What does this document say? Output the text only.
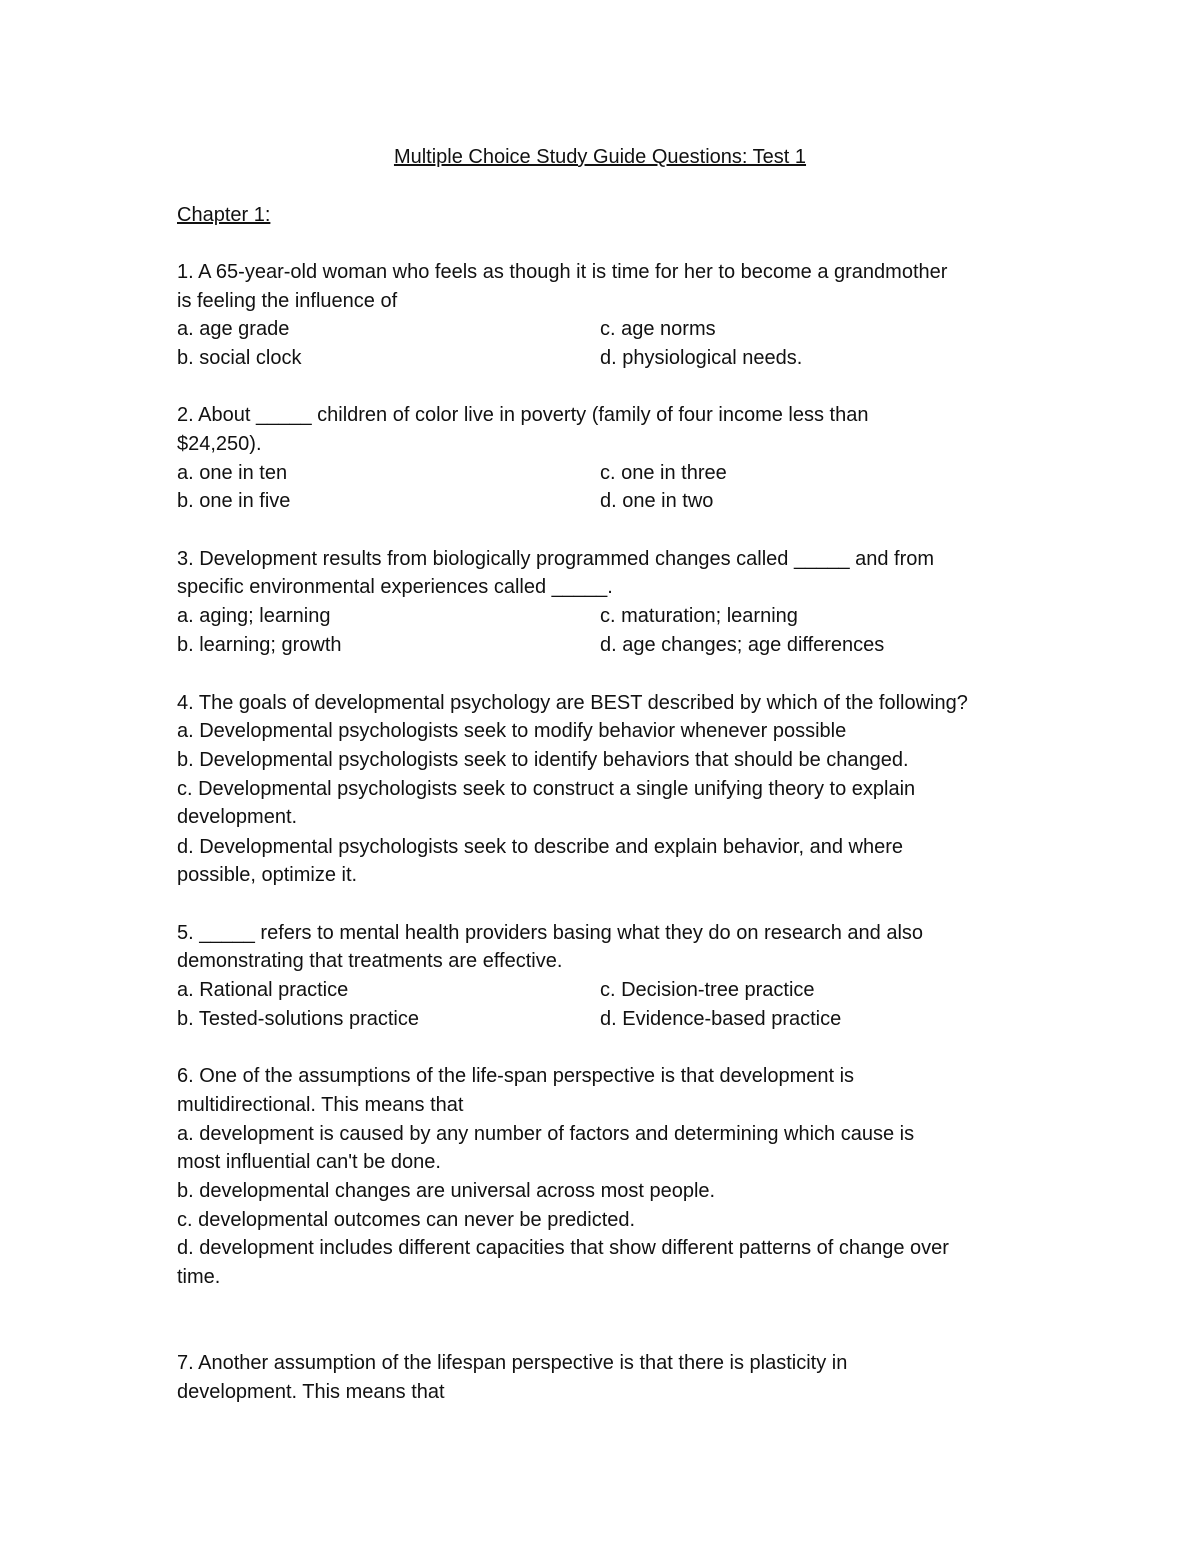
Multiple Choice Study Guide Questions: Test 1
Chapter 1:
1. A 65-year-old woman who feels as though it is time for her to become a grandmother
is feeling the influence of
a. age grade
b. social clock
c. age norms
d. physiological needs.
2. About _____ children of color live in poverty (family of four income less than
$24,250).
a. one in ten
b. one in five
c. one in three
d. one in two
3. Development results from biologically programmed changes called _____ and from
specific environmental experiences called _____.
a. aging; learning
b. learning; growth
c. maturation; learning
d. age changes; age differences
4. The goals of developmental psychology are BEST described by which of the following?
a. Developmental psychologists seek to modify behavior whenever possible
b. Developmental psychologists seek to identify behaviors that should be changed.
c. Developmental psychologists seek to construct a single unifying theory to explain
development.
d. Developmental psychologists seek to describe and explain behavior, and where
possible, optimize it.
5. _____ refers to mental health providers basing what they do on research and also
demonstrating that treatments are effective.
a. Rational practice
b. Tested-solutions practice
c. Decision-tree practice
d. Evidence-based practice
6. One of the assumptions of the life-span perspective is that development is
multidirectional. This means that
a. development is caused by any number of factors and determining which cause is
most influential can't be done.
b. developmental changes are universal across most people.
c. developmental outcomes can never be predicted.
d. development includes different capacities that show different patterns of change over
time.
7. Another assumption of the lifespan perspective is that there is plasticity in
development. This means that
